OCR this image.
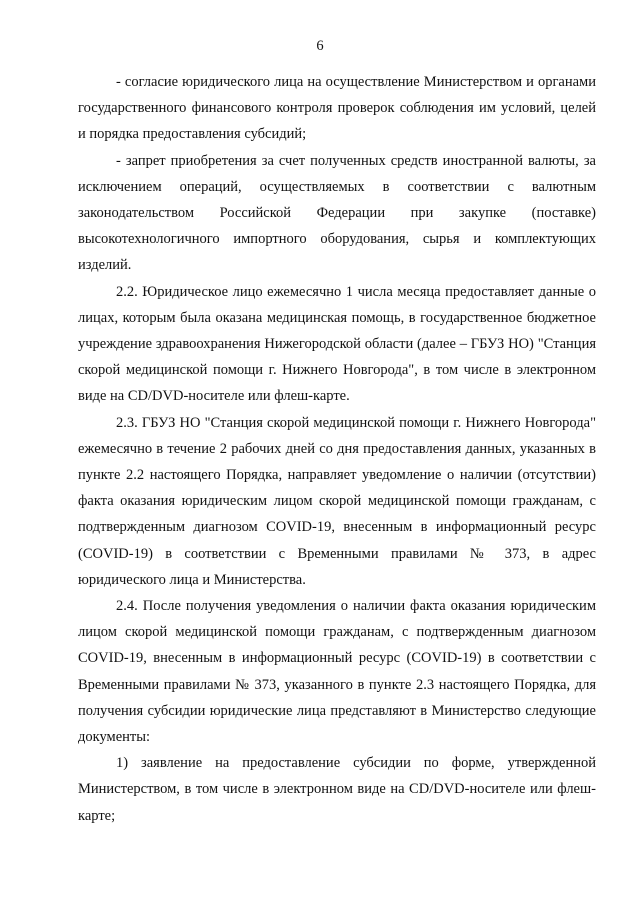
6

- согласие юридического лица на осуществление Министерством и органами государственного финансового контроля проверок соблюдения им условий, целей и порядка предоставления субсидий;

- запрет приобретения за счет полученных средств иностранной валюты, за исключением операций, осуществляемых в соответствии с валютным законодательством Российской Федерации при закупке (поставке) высокотехнологичного импортного оборудования, сырья и комплектующих изделий.

2.2. Юридическое лицо ежемесячно 1 числа месяца предоставляет данные о лицах, которым была оказана медицинская помощь, в государственное бюджетное учреждение здравоохранения Нижегородской области (далее – ГБУЗ НО) "Станция скорой медицинской помощи г. Нижнего Новгорода", в том числе в электронном виде на CD/DVD-носителе или флеш-карте.

2.3. ГБУЗ НО "Станция скорой медицинской помощи г. Нижнего Новгорода" ежемесячно в течение 2 рабочих дней со дня предоставления данных, указанных в пункте 2.2 настоящего Порядка, направляет уведомление о наличии (отсутствии) факта оказания юридическим лицом скорой медицинской помощи гражданам, с подтвержденным диагнозом COVID-19, внесенным в информационный ресурс (COVID-19) в соответствии с Временными правилами № 373, в адрес юридического лица и Министерства.

2.4. После получения уведомления о наличии факта оказания юридическим лицом скорой медицинской помощи гражданам, с подтвержденным диагнозом COVID-19, внесенным в информационный ресурс (COVID-19) в соответствии с Временными правилами № 373, указанного в пункте 2.3 настоящего Порядка, для получения субсидии юридические лица представляют в Министерство следующие документы:

1) заявление на предоставление субсидии по форме, утвержденной Министерством, в том числе в электронном виде на CD/DVD-носителе или флеш-карте;
